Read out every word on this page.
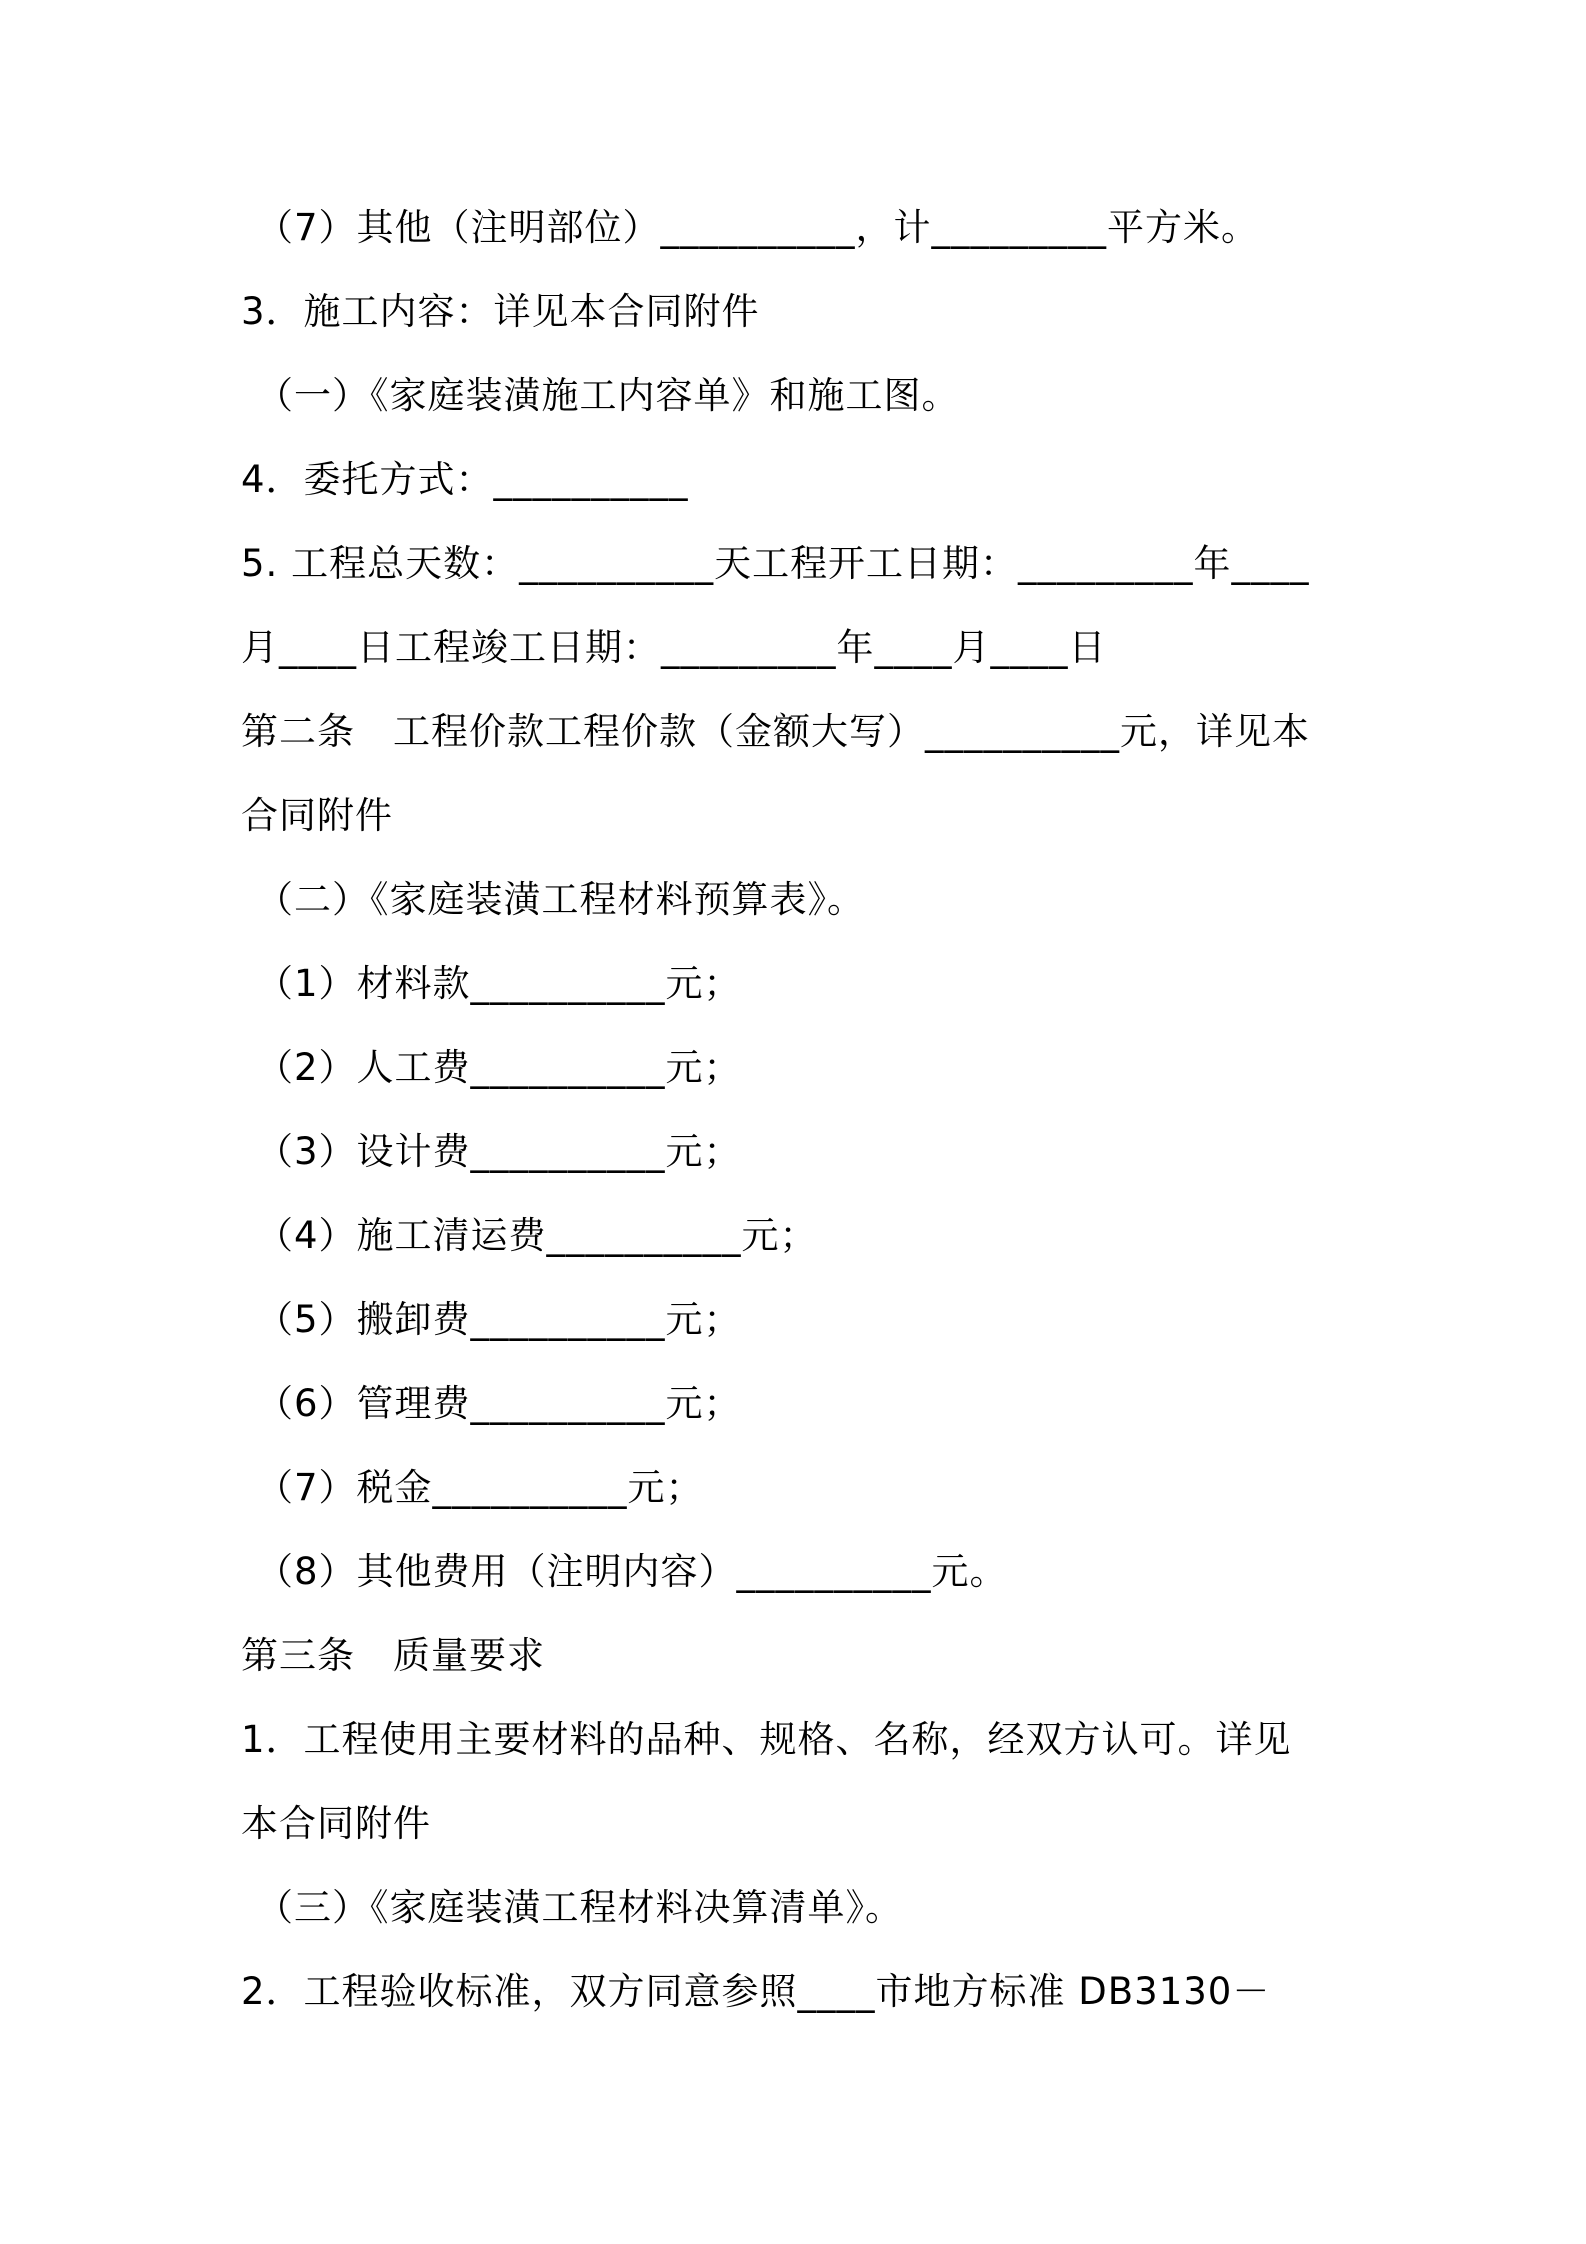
（7）其他（注明部位）__________，计_________平方米。
3．施工内容：详见本合同附件
（一）《家庭装潢施工内容单》和施工图。
4．委托方式：__________
5. 工程总天数：__________天工程开工日期：_________年____
月____日工程竣工日期：_________年____月____日
第二条　工程价款工程价款（金额大写）__________元，详见本
合同附件
（二）《家庭装潢工程材料预算表》。
（1）材料款__________元；
（2）人工费__________元；
（3）设计费__________元；
（4）施工清运费__________元；
（5）搬卸费__________元；
（6）管理费__________元；
（7）税金__________元；
（8）其他费用（注明内容）__________元。
第三条　质量要求
1．工程使用主要材料的品种、规格、名称，经双方认可。详见
本合同附件
（三）《家庭装潢工程材料决算清单》。
2．工程验收标准，双方同意参照____市地方标准 DB3130－
